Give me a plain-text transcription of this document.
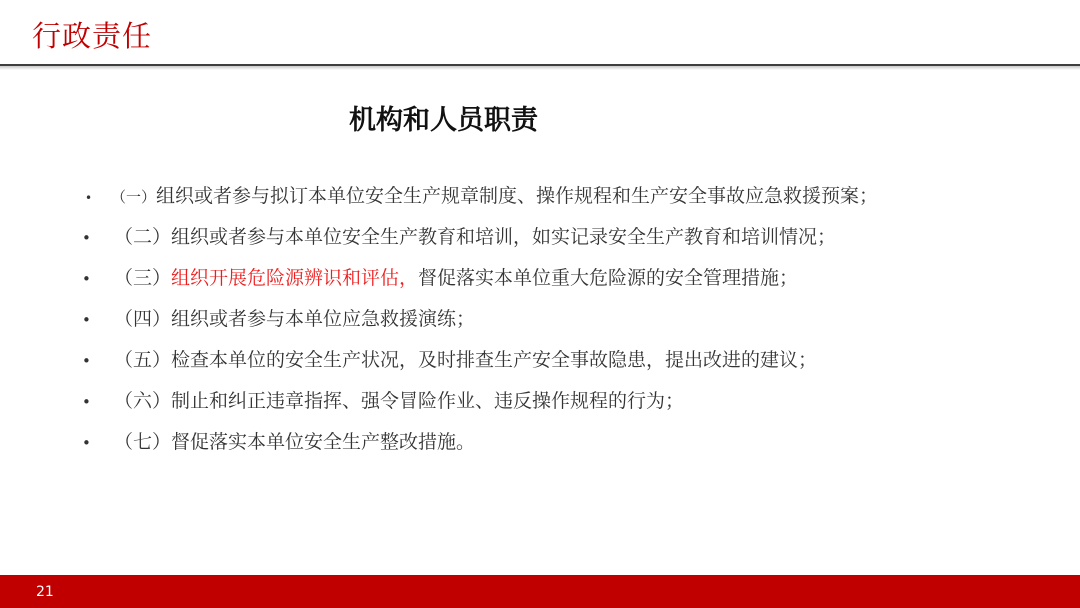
行政责任
机构和人员职责
• （一）组织或者参与拟订本单位安全生产规章制度、操作规程和生产安全事故应急救援预案；
• （二）组织或者参与本单位安全生产教育和培训，如实记录安全生产教育和培训情况；
• （三）组织开展危险源辨识和评估，督促落实本单位重大危险源的安全管理措施；
• （四）组织或者参与本单位应急救援演练；
• （五）检查本单位的安全生产状况，及时排查生产安全事故隐患，提出改进的建议；
• （六）制止和纠正违章指挥、强令冒险作业、违反操作规程的行为；
• （七）督促落实本单位安全生产整改措施。
21
